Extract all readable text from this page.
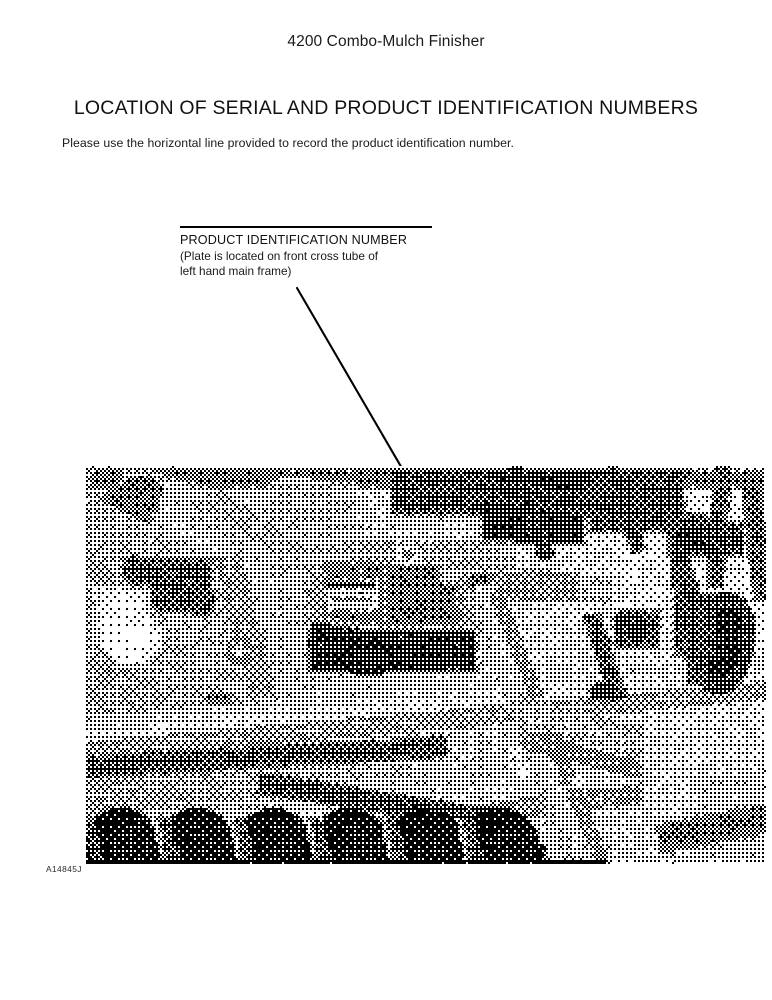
4200 Combo-Mulch Finisher
LOCATION OF SERIAL AND PRODUCT IDENTIFICATION NUMBERS

Please use the horizontal line provided to record the product identification number.

PRODUCT IDENTIFICATION NUMBER
(Plate is located on front cross tube of
left hand main frame)
A14845J
